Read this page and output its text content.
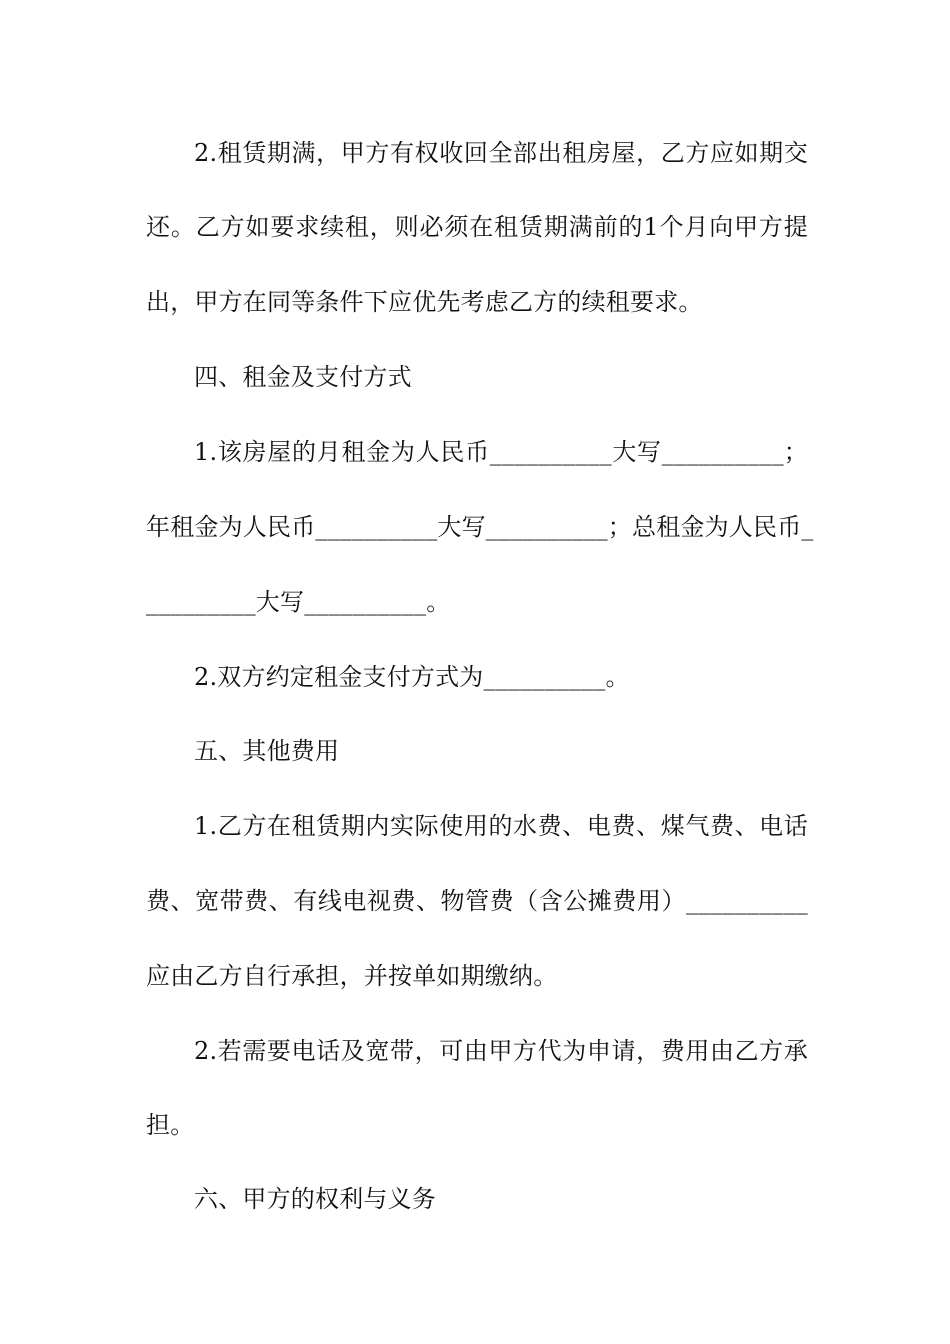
2.租赁期满，甲方有权收回全部出租房屋，乙方应如期交
还。乙方如要求续租，则必须在租赁期满前的1个月向甲方提
出，甲方在同等条件下应优先考虑乙方的续租要求。
四、租金及支付方式
1.该房屋的月租金为人民币__________大写__________；
年租金为人民币__________大写__________；总租金为人民币_
_________大写__________。
2.双方约定租金支付方式为__________。
五、其他费用
1.乙方在租赁期内实际使用的水费、电费、煤气费、电话
费、宽带费、有线电视费、物管费（含公摊费用）__________
应由乙方自行承担，并按单如期缴纳。
2.若需要电话及宽带，可由甲方代为申请，费用由乙方承
担。
六、甲方的权利与义务
